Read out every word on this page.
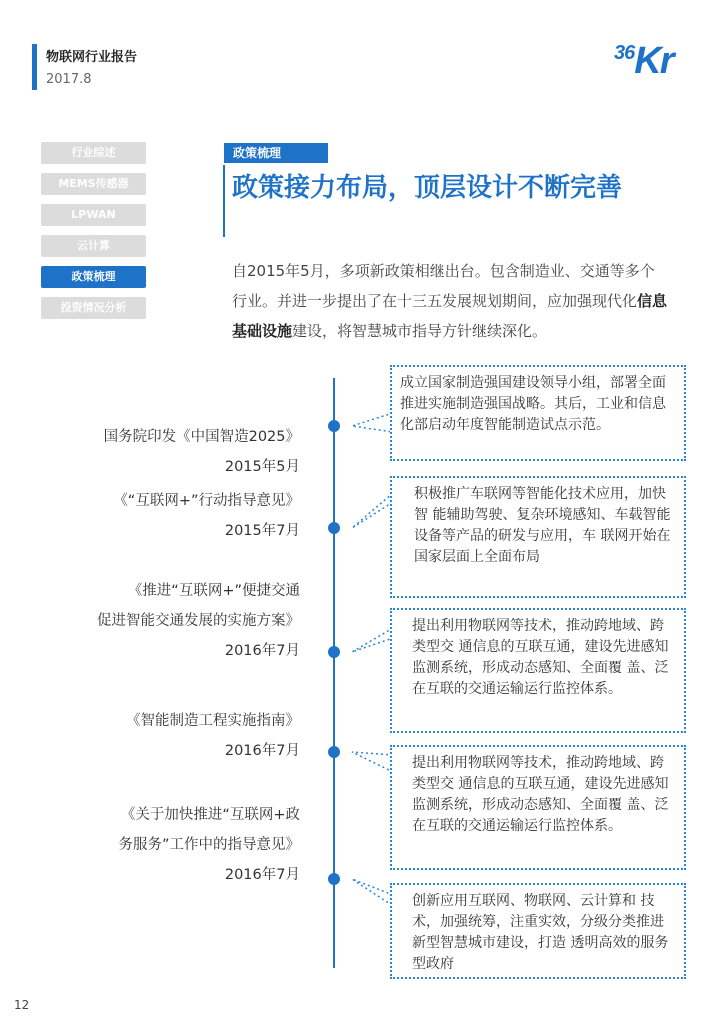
物联网行业报告
2017.8
36Kr
行业综述
MEMS传感器
LPWAN
云计算
政策梳理
投资情况分析
政策梳理
政策接力布局，顶层设计不断完善

自2015年5月，多项新政策相继出台。包含制造业、交通等多个行业。并进一步提出了在十三五发展规划期间，应加强现代化信息基础设施建设，将智慧城市指导方针继续深化。

国务院印发《中国智造2025》
2015年5月
《“互联网+”行动指导意见》
2015年7月
《推进“互联网+”便捷交通
促进智能交通发展的实施方案》
2016年7月
《智能制造工程实施指南》
2016年7月
《关于加快推进“互联网+政
务服务”工作中的指导意见》
2016年7月
成立国家制造强国建设领导小组，部署全面推进实施制造强国战略。其后，工业和信息化部启动年度智能制造试点示范。
积极推广车联网等智能化技术应用，加快智 能辅助驾驶、复杂环境感知、车载智能设备等产品的研发与应用，车 联网开始在国家层面上全面布局
提出利用物联网等技术，推动跨地域、跨类型交 通信息的互联互通，建设先进感知监测系统，形成动态感知、全面覆 盖、泛在互联的交通运输运行监控体系。
提出利用物联网等技术，推动跨地域、跨类型交 通信息的互联互通，建设先进感知监测系统，形成动态感知、全面覆 盖、泛在互联的交通运输运行监控体系。
创新应用互联网、物联网、云计算和 技术，加强统筹，注重实效，分级分类推进新型智慧城市建设，打造 透明高效的服务型政府
12
